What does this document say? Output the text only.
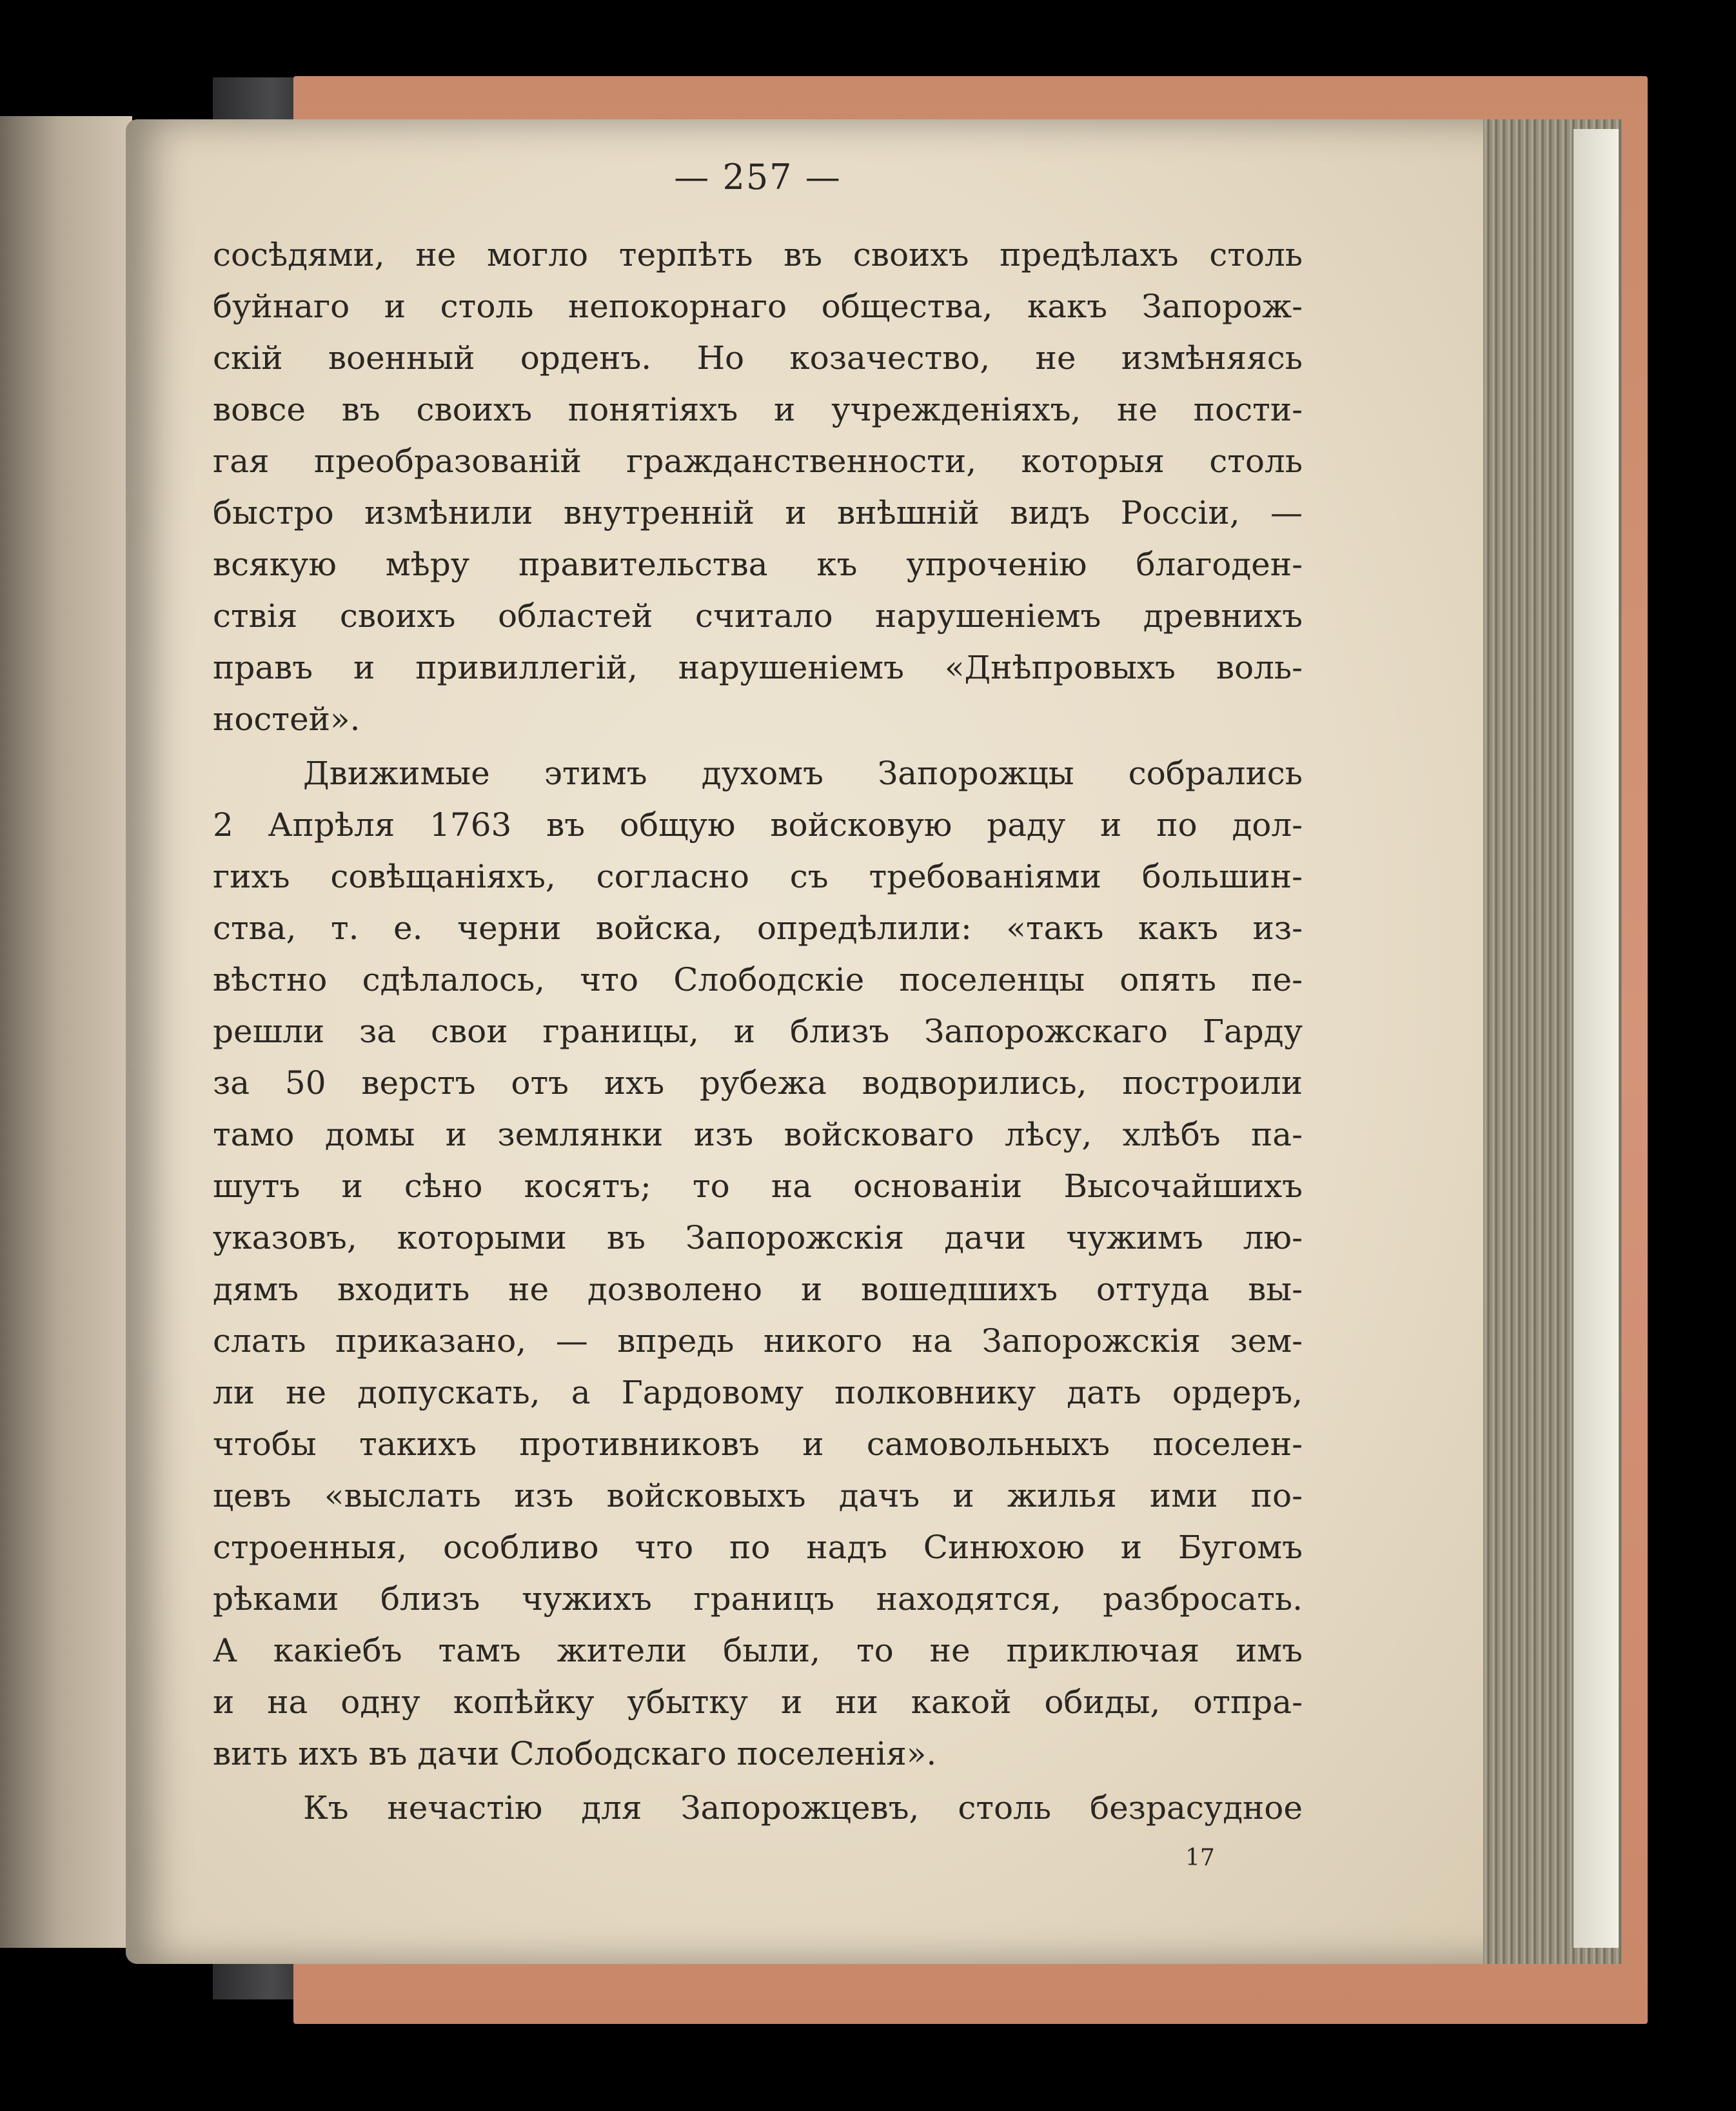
— 257 —
сосѣдями, не могло терпѣть въ своихъ предѣлахъ столь
буйнаго и столь непокорнаго общества, какъ Запорож-
скій военный орденъ. Но козачество, не измѣняясь
вовсе въ своихъ понятіяхъ и учрежденіяхъ, не пости-
гая преобразованій гражданственности, которыя столь
быстро измѣнили внутренній и внѣшній видъ Россіи, —
всякую мѣру правительства къ упроченію благоден-
ствія своихъ областей считало нарушеніемъ древнихъ
правъ и привиллегій, нарушеніемъ «Днѣпровыхъ воль-
ностей».
Движимые этимъ духомъ Запорожцы собрались
2 Апрѣля 1763 въ общую войсковую раду и по дол-
гихъ совѣщаніяхъ, согласно съ требованіями большин-
ства, т. е. черни войска, опредѣлили: «такъ какъ из-
вѣстно сдѣлалось, что Слободскіе поселенцы опять пе-
решли за свои границы, и близъ Запорожскаго Гарду
за 50 верстъ отъ ихъ рубежа водворились, построили
тамо домы и землянки изъ войсковаго лѣсу, хлѣбъ па-
шутъ и сѣно косятъ; то на основаніи Высочайшихъ
указовъ, которыми въ Запорожскія дачи чужимъ лю-
дямъ входить не дозволено и вошедшихъ оттуда вы-
слать приказано, — впредь никого на Запорожскія зем-
ли не допускать, а Гардовому полковнику дать ордеръ,
чтобы такихъ противниковъ и самовольныхъ поселен-
цевъ «выслать изъ войсковыхъ дачъ и жилья ими по-
строенныя, особливо что по надъ Синюхою и Бугомъ
рѣками близъ чужихъ границъ находятся, разбросать.
А какіебъ тамъ жители были, то не приключая имъ
и на одну копѣйку убытку и ни какой обиды, отпра-
вить ихъ въ дачи Слободскаго поселенія».
Къ нечастію для Запорожцевъ, столь безрасудное
17
